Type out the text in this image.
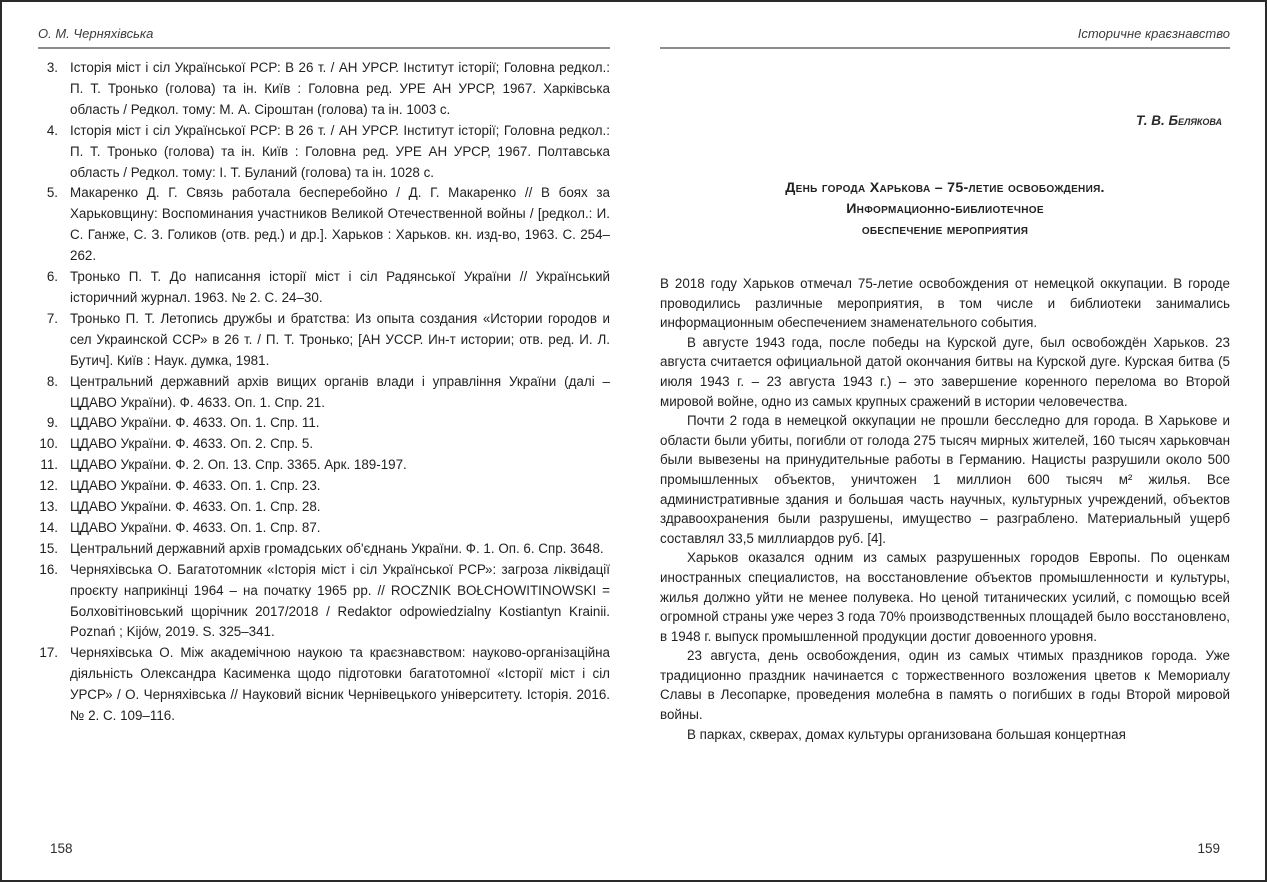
О. М. Черняхівська
3. Історія міст і сіл Української РСР: В 26 т. / АН УРСР. Інститут історії; Головна редкол.: П. Т. Тронько (голова) та ін. Київ : Головна ред. УРЕ АН УРСР, 1967. Харківська область / Редкол. тому: М. А. Сіроштан (голова) та ін. 1003 с.
4. Історія міст і сіл Української РСР: В 26 т. / АН УРСР. Інститут історії; Головна редкол.: П. Т. Тронько (голова) та ін. Київ : Головна ред. УРЕ АН УРСР, 1967. Полтавська область / Редкол. тому: І. Т. Буланий (голова) та ін. 1028 с.
5. Макаренко Д. Г. Связь работала бесперебойно / Д. Г. Макаренко // В боях за Харьковщину: Воспоминания участников Великой Отечественной войны / [редкол.: И. С. Ганже, С. З. Голиков (отв. ред.) и др.]. Харьков : Харьков. кн. изд-во, 1963. С. 254–262.
6. Тронько П. Т. До написання історії міст і сіл Радянської України // Український історичний журнал. 1963. № 2. С. 24–30.
7. Тронько П. Т. Летопись дружбы и братства: Из опыта создания «Истории городов и сел Украинской ССР» в 26 т. / П. Т. Тронько; [АН УССР. Ин-т истории; отв. ред. И. Л. Бутич]. Київ : Наук. думка, 1981.
8. Центральний державний архів вищих органів влади і управління України (далі – ЦДАВО України). Ф. 4633. Оп. 1. Спр. 21.
9. ЦДАВО України. Ф. 4633. Оп. 1. Спр. 11.
10. ЦДАВО України. Ф. 4633. Оп. 2. Спр. 5.
11. ЦДАВО України. Ф. 2. Оп. 13. Спр. 3365. Арк. 189-197.
12. ЦДАВО України. Ф. 4633. Оп. 1. Спр. 23.
13. ЦДАВО України. Ф. 4633. Оп. 1. Спр. 28.
14. ЦДАВО України. Ф. 4633. Оп. 1. Спр. 87.
15. Центральний державний архів громадських об'єднань України. Ф. 1. Оп. 6. Спр. 3648.
16. Черняхівська О. Багатотомник «Історія міст і сіл Української РСР»: загроза ліквідації проєкту наприкінці 1964 – на початку 1965 рр. // ROCZNIK BOŁCHOWITINOWSKI = Болховітіновський щорічник 2017/2018 / Redaktor odpowiedzialny Kostiantyn Krainii. Poznań ; Kijów, 2019. S. 325–341.
17. Черняхівська О. Між академічною наукою та краєзнавством: науково-організаційна діяльність Олександра Касименка щодо підготовки багатотомної «Історії міст і сіл УРСР» / О. Черняхівська // Науковий вісник Чернівецького університету. Історія. 2016. № 2. С. 109–116.
158
Історичне краєзнавство
Т. В. Белякова
День города Харькова – 75-летие освобождения.
Информационно-библиотечное
обеспечение мероприятия

В 2018 году Харьков отмечал 75-летие освобождения от немецкой оккупации. В городе проводились различные мероприятия, в том числе и библиотеки занимались информационным обеспечением знаменательного события.

В августе 1943 года, после победы на Курской дуге, был освобождён Харьков. 23 августа считается официальной датой окончания битвы на Курской дуге. Курская битва (5 июля 1943 г. – 23 августа 1943 г.) – это завершение коренного перелома во Второй мировой войне, одно из самых крупных сражений в истории человечества.

Почти 2 года в немецкой оккупации не прошли бесследно для города. В Харькове и области были убиты, погибли от голода 275 тысяч мирных жителей, 160 тысяч харьковчан были вывезены на принудительные работы в Германию. Нацисты разрушили около 500 промышленных объектов, уничтожен 1 миллион 600 тысяч м² жилья. Все административные здания и большая часть научных, культурных учреждений, объектов здравоохранения были разрушены, имущество – разграблено. Материальный ущерб составлял 33,5 миллиардов руб. [4].

Харьков оказался одним из самых разрушенных городов Европы. По оценкам иностранных специалистов, на восстановление объектов промышленности и культуры, жилья должно уйти не менее полувека. Но ценой титанических усилий, с помощью всей огромной страны уже через 3 года 70% производственных площадей было восстановлено, в 1948 г. выпуск промышленной продукции достиг довоенного уровня.

23 августа, день освобождения, один из самых чтимых праздников города. Уже традиционно праздник начинается с торжественного возложения цветов к Мемориалу Славы в Лесопарке, проведения молебна в память о погибших в годы Второй мировой войны.

В парках, скверах, домах культуры организована большая концертная

159
